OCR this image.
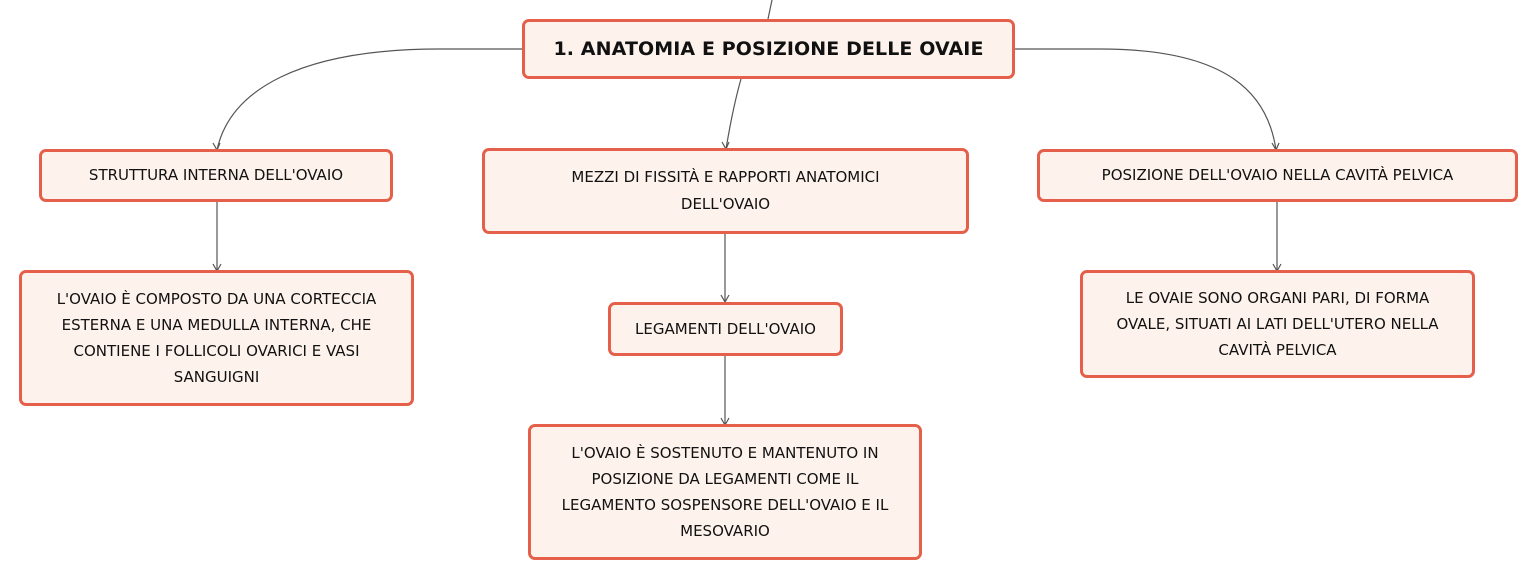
1. ANATOMIA E POSIZIONE DELLE OVAIE
STRUTTURA INTERNA DELL'OVAIO	MEZZI DI FISSITÀ E RAPPORTI ANATOMICI DELL'OVAIO
POSIZIONE DELL'OVAIO NELLA CAVITÀ PELVICA
L'OVAIO È COMPOSTO DA UNA CORTECCIA ESTERNA E UNA MEDULLA INTERNA, CHE CONTIENE I FOLLICOLI OVARICI E VASI SANGUIGNI
LEGAMENTI DELL'OVAIO
L'OVAIO È SOSTENUTO E MANTENUTO IN POSIZIONE DA LEGAMENTI COME IL LEGAMENTO SOSPENSORE DELL'OVAIO E IL MESOVARIO
LE OVAIE SONO ORGANI PARI, DI FORMA OVALE, SITUATI AI LATI DELL'UTERO NELLA CAVITÀ PELVICA
